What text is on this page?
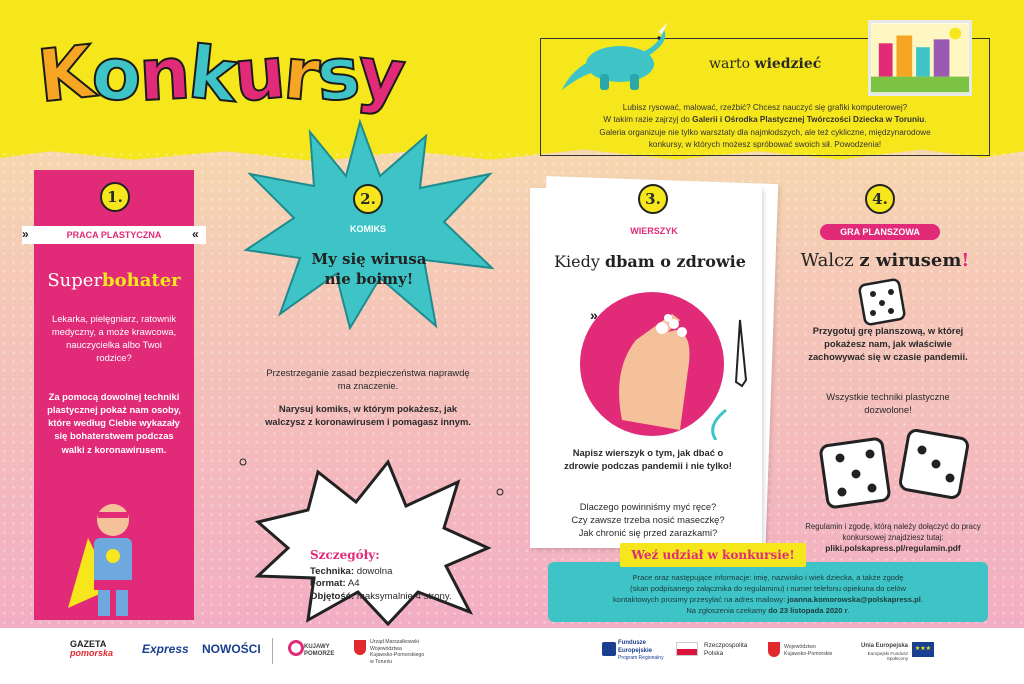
Konkursy	warto wiedzieć
Lubisz rysować, malować, rzeźbić? Chcesz nauczyć się grafiki komputerowej?
W takim razie zajrzyj do Galerii i Ośrodka Plastycznej Twórczości Dziecka w Toruniu.
Galeria organizuje nie tylko warsztaty dla najmłodszych, ale też cykliczne, międzynarodowe
konkursy, w których możesz spróbować swoich sił. Powodzenia!
1.
»	«
PRACA PLASTYCZNA
Superbohater
Lekarka, pielęgniarz, ratownik medyczny, a może krawcowa, nauczycielka albo Twoi rodzice?
Za pomocą dowolnej techniki plastycznej pokaż nam osoby, które według Ciebie wykazały się bohaterstwem podczas walki z koronawirusem.
2.
KOMIKS
My się wirusa
nie boimy!
Przestrzeganie zasad bezpieczeństwa naprawdę ma znaczenie.
Narysuj komiks, w którym pokażesz, jak walczysz z koronawirusem i pomagasz innym.
Szczegóły:
Technika: dowolna
Format: A4
Objętość: maksymalnie 4 strony.
3.
WIERSZYK
Kiedy dbam o zdrowie
»
Napisz wierszyk o tym, jak dbać o zdrowie podczas pandemii i nie tylko!
Dlaczego powinniśmy myć ręce?
Czy zawsze trzeba nosić maseczkę?
Jak chronić się przed zarazkami?
4.
GRA PLANSZOWA
Walcz z wirusem!
Przygotuj grę planszową, w której pokażesz nam, jak właściwie zachowywać się w czasie pandemii.
Wszystkie techniki plastyczne dozwolone!
Regulamin i zgodę, którą należy dołączyć do pracy konkursowej znajdziesz tutaj:
pliki.polskapress.pl/regulamin.pdf
Prace oraz następujące informacje: imię, nazwisko i wiek dziecka, a także zgodę
(skan podpisanego załącznika do regulaminu) i numer telefonu opiekuna do celów
kontaktowych prosimy przesyłać na adres mailowy: joanna.komorowska@polskapress.pl.
Na zgłoszenia czekamy do 23 listopada 2020 r.
Weź udział w konkursie!
GAZETA
pomorska Express NOWOŚCI	KUJAWY
POMORZE
Urząd Marszałkowski
Województwa
Kujawsko-Pomorskiego
w Toruniu
Fundusze
Europejskie
Program Regionalny
Rzeczpospolita
Polska
Województwo
Kujawsko-Pomorskie
Unia Europejska
Europejski Fundusz Społeczny
★★★
